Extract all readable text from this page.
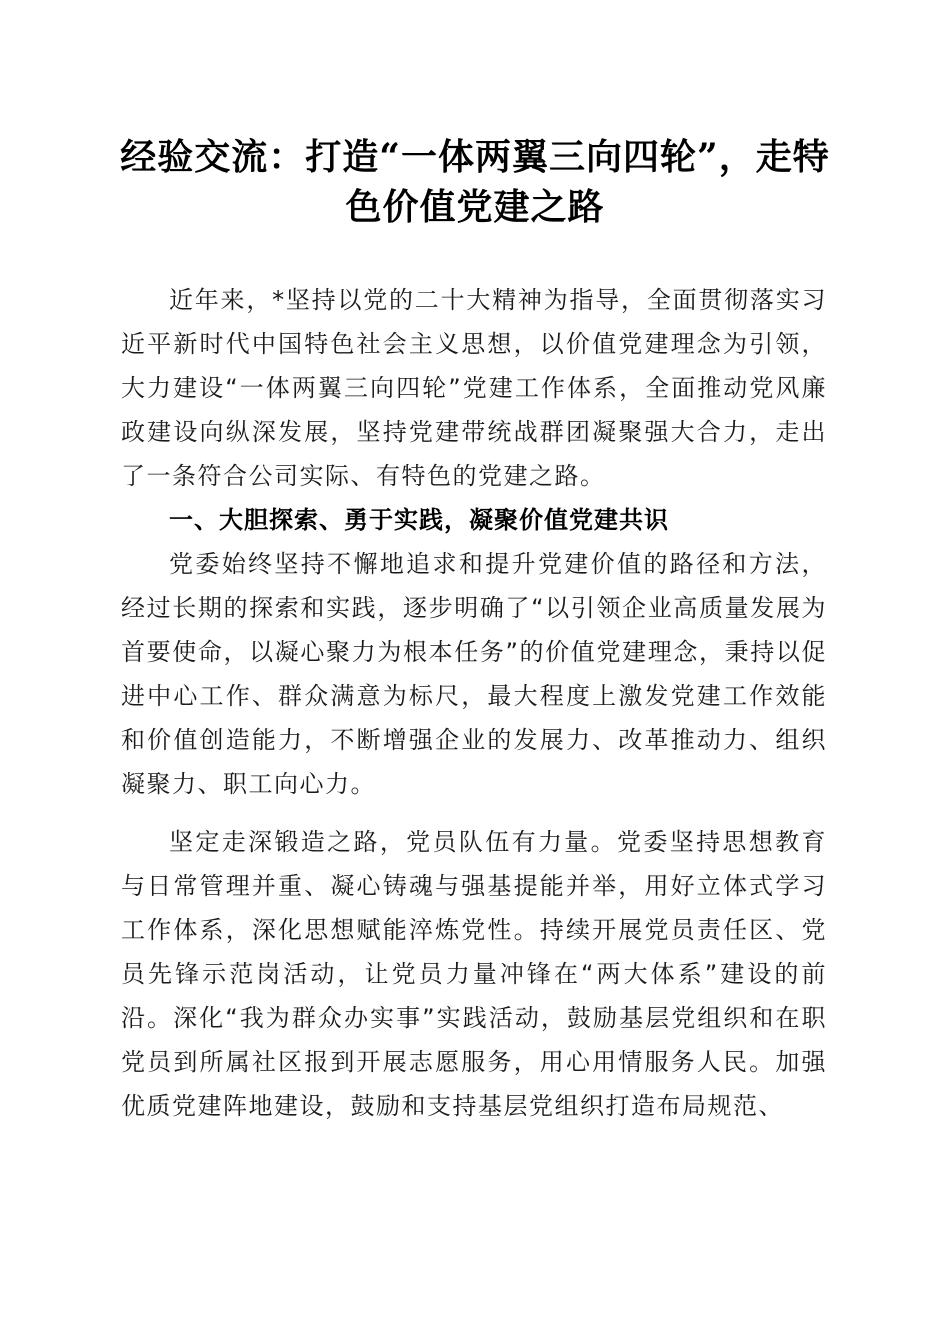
经验交流：打造“一体两翼三向四轮”，走特
色价值党建之路

近年来，*坚持以党的二十大精神为指导，全面贯彻落实习近平新时代中国特色社会主义思想，以价值党建理念为引领，大力建设“一体两翼三向四轮”党建工作体系，全面推动党风廉政建设向纵深发展，坚持党建带统战群团凝聚强大合力，走出了一条符合公司实际、有特色的党建之路。

一、大胆探索、勇于实践，凝聚价值党建共识

党委始终坚持不懈地追求和提升党建价值的路径和方法，经过长期的探索和实践，逐步明确了“以引领企业高质量发展为首要使命，以凝心聚力为根本任务”的价值党建理念，秉持以促进中心工作、群众满意为标尺，最大程度上激发党建工作效能和价值创造能力，不断增强企业的发展力、改革推动力、组织凝聚力、职工向心力。

坚定走深锻造之路，党员队伍有力量。党委坚持思想教育与日常管理并重、凝心铸魂与强基提能并举，用好立体式学习工作体系，深化思想赋能淬炼党性。持续开展党员责任区、党员先锋示范岗活动，让党员力量冲锋在“两大体系”建设的前沿。深化“我为群众办实事”实践活动，鼓励基层党组织和在职党员到所属社区报到开展志愿服务，用心用情服务人民。加强优质党建阵地建设，鼓励和支持基层党组织打造布局规范、
